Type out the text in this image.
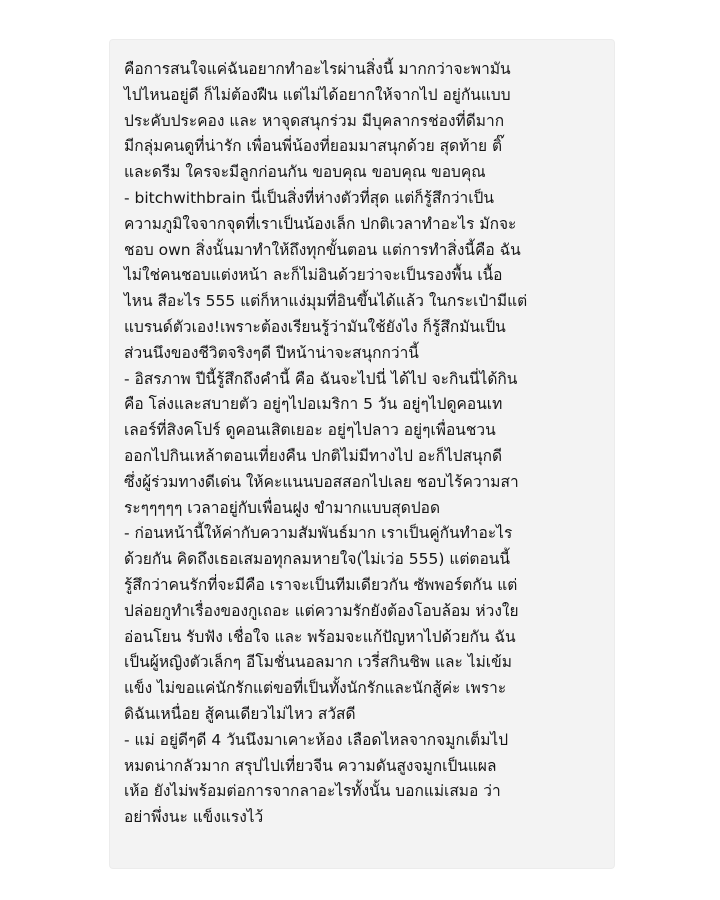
คือการสนใจแค่ฉันอยากทำอะไรผ่านสิ่งนี้ มากกว่าจะพามัน
ไปไหนอยู่ดี ก็ไม่ต้องฝืน แต่ไม่ได้อยากให้จากไป อยู่กันแบบ
ประคับประคอง และ หาจุดสนุกร่วม มีบุคลากรช่องที่ดีมาก
มีกลุ่มคนดูที่น่ารัก เพื่อนพี่น้องที่ยอมมาสนุกด้วย สุดท้าย ติ๊
และดรีม ใครจะมีลูกก่อนกัน ขอบคุณ ขอบคุณ ขอบคุณ
- bitchwithbrain นี่เป็นสิ่งที่ห่างตัวที่สุด แต่ก็รู้สึกว่าเป็น
ความภูมิใจจากจุดที่เราเป็นน้องเล็ก ปกติเวลาทำอะไร มักจะ
ชอบ own สิ่งนั้นมาทำให้ถึงทุกขั้นตอน แต่การทำสิ่งนี้คือ ฉัน
ไม่ใช่คนชอบแต่งหน้า ละก็ไม่อินด้วยว่าจะเป็นรองพื้น เนื้อ
ไหน สีอะไร 555 แต่ก็หาแง่มุมที่อินขึ้นได้แล้ว ในกระเป๋ามีแต่
แบรนด์ตัวเอง!เพราะต้องเรียนรู้ว่ามันใช้ยังไง ก็รู้สึกมันเป็น
ส่วนนึงของชีวิตจริงๆดี ปีหน้าน่าจะสนุกกว่านี้
- อิสรภาพ ปีนี้รู้สึกถึงคำนี้ คือ ฉันจะไปนี่ ได้ไป จะกินนี่ได้กิน
คือ โล่งและสบายตัว อยู่ๆไปอเมริกา 5 วัน อยู่ๆไปดูคอนเท
เลอร์ที่สิงคโปร์ ดูคอนเสิตเยอะ อยู่ๆไปลาว อยู่ๆเพื่อนชวน
ออกไปกินเหล้าตอนเที่ยงคืน ปกติไม่มีทางไป อะก็ไปสนุกดี
ซึ่งผู้ร่วมทางดีเด่น ให้คะแนนบอสสอกไปเลย ชอบไร้ความสา
ระๆๆๆๆๆ เวลาอยู่กับเพื่อนฝูง ขำมากแบบสุดปอด
- ก่อนหน้านี้ให้ค่ากับความสัมพันธ์มาก เราเป็นคู่กันทำอะไร
ด้วยกัน คิดถึงเธอเสมอทุกลมหายใจ(ไม่เว่อ 555) แต่ตอนนี้
รู้สึกว่าคนรักที่จะมีคือ เราจะเป็นทีมเดียวกัน ซัพพอร์ตกัน แต่
ปล่อยกูทำเรื่องของกูเถอะ แต่ความรักยังต้องโอบล้อม ห่วงใย
อ่อนโยน รับฟัง เชื่อใจ และ พร้อมจะแก้ปัญหาไปด้วยกัน ฉัน
เป็นผู้หญิงตัวเล็กๆ อีโมชั่นนอลมาก เวรี่สกินชิพ และ ไม่เข้ม
แข็ง ไม่ขอแค่นักรักแต่ขอที่เป็นทั้งนักรักและนักสู้ค่ะ เพราะ
ดิฉันเหนื่อย สู้คนเดียวไม่ไหว สวัสดี
- แม่ อยู่ดีๆดี 4 วันนึงมาเคาะห้อง เลือดไหลจากจมูกเต็มไป
หมดน่ากลัวมาก สรุปไปเที่ยวจีน ความดันสูงจมูกเป็นแผล
เห้อ ยังไม่พร้อมต่อการจากลาอะไรทั้งนั้น บอกแม่เสมอ ว่า
อย่าพึ่งนะ แข็งแรงไว้
